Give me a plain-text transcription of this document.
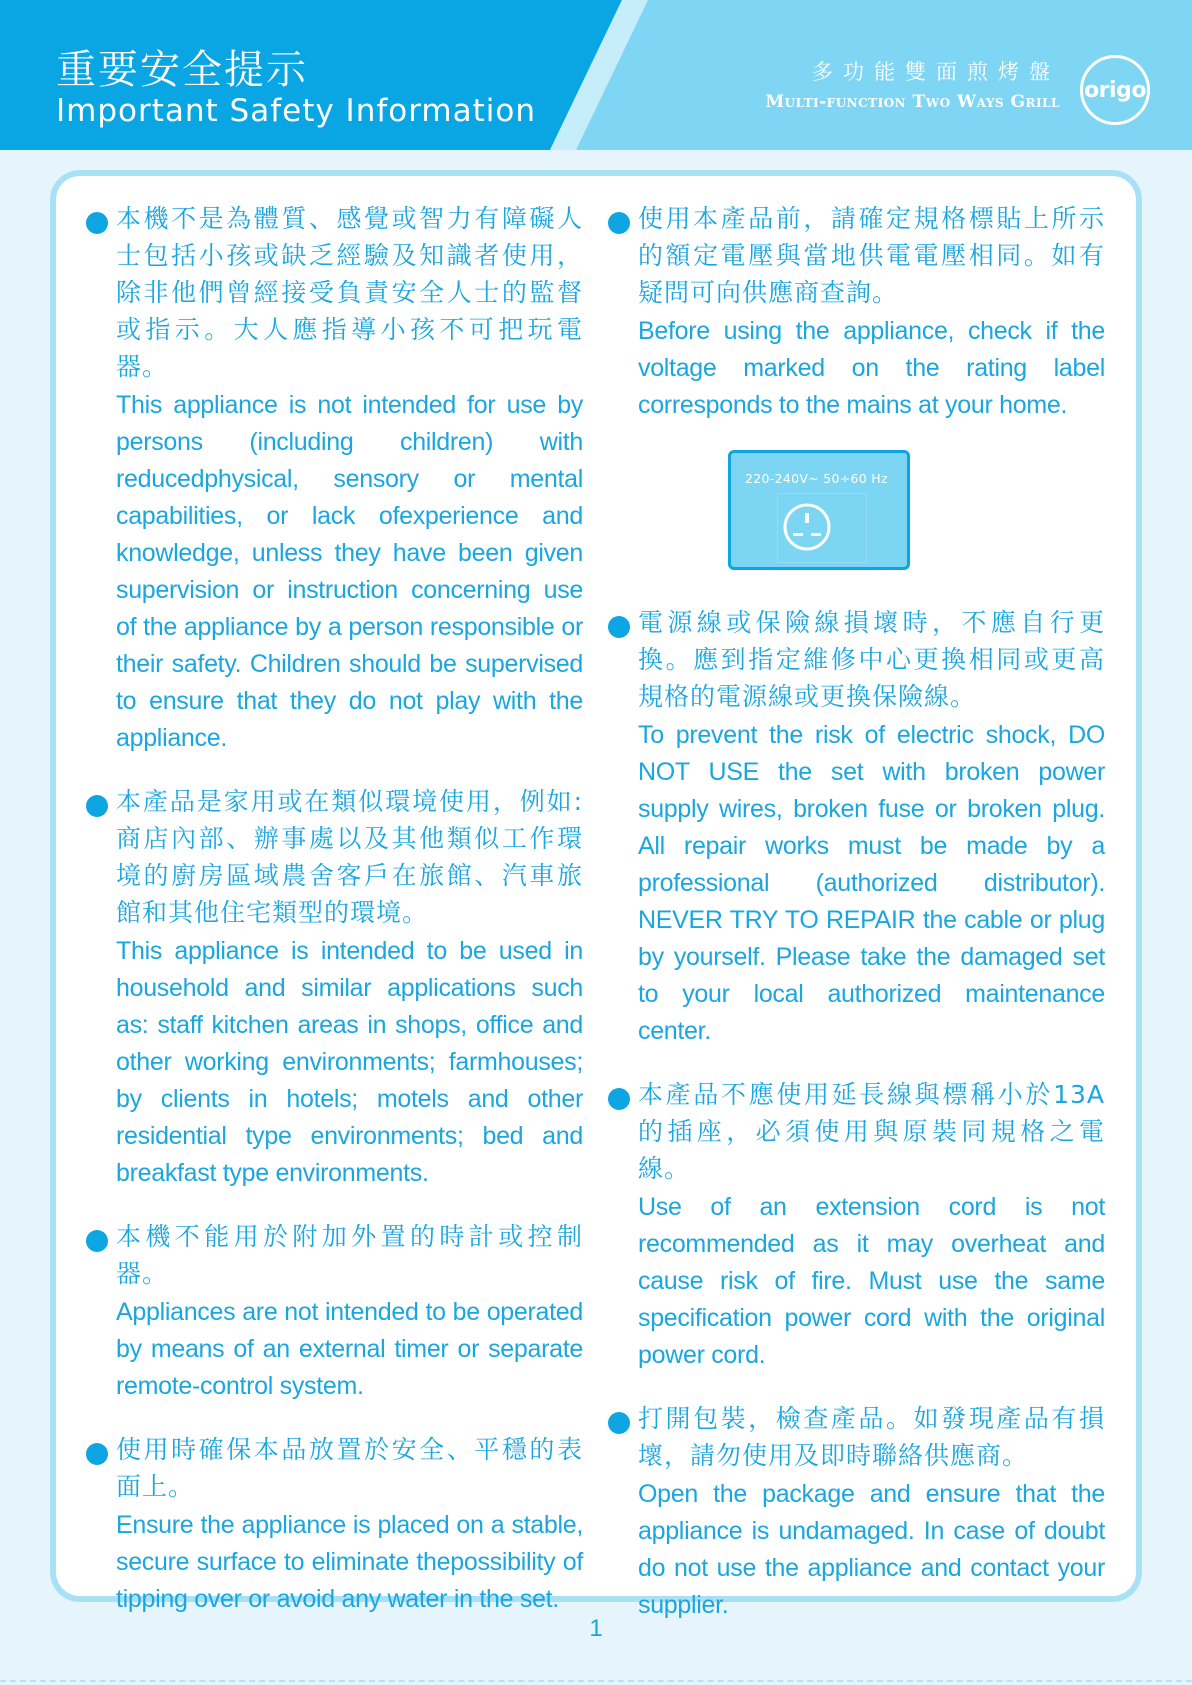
重要安全提示
Important Safety Information
多功能雙面煎烤盤
Multi-function Two Ways Grill origo
本機不是為體質、感覺或智力有障礙人士包括小孩或缺乏經驗及知識者使用，除非他們曾經接受負責安全人士的監督或指示。大人應指導小孩不可把玩電器。
This appliance is not intended for use by persons (including children) with reducedphysical, sensory or mental capabilities, or lack ofexperience and knowledge, unless they have been given supervision or instruction concerning use of the appliance by a person responsible or their safety. Children should be supervised to ensure that they do not play with the appliance.
本產品是家用或在類似環境使用，例如:商店內部、辦事處以及其他類似工作環境的廚房區域農舍客戶在旅館、汽車旅館和其他住宅類型的環境。
This appliance is intended to be used in household and similar applications such as: staff kitchen areas in shops, office and other working environments; farmhouses; by clients in hotels; motels and other residential type environments; bed and breakfast type environments.
本機不能用於附加外置的時計或控制器。
Appliances are not intended to be operated by means of an external timer or separate remote-control system.
使用時確保本品放置於安全、平穩的表面上。
Ensure the appliance is placed on a stable, secure surface to eliminate thepossibility of tipping over or avoid any water in the set.
使用本產品前，請確定規格標貼上所示的額定電壓與當地供電電壓相同。如有疑問可向供應商查詢。
Before using the appliance, check if the voltage marked on the rating label corresponds to the mains at your home.
220-240V~ 50÷60 Hz
電源線或保險線損壞時，不應自行更換。應到指定維修中心更換相同或更高規格的電源線或更換保險線。
To prevent the risk of electric shock, DO NOT USE the set with broken power supply wires, broken fuse or broken plug. All repair works must be made by a professional (authorized distributor). NEVER TRY TO REPAIR the cable or plug by yourself. Please take the damaged set to your local authorized maintenance center.
本產品不應使用延長線與標稱小於13A的插座，必須使用與原裝同規格之電線。
Use of an extension cord is not recommended as it may overheat and cause risk of fire. Must use the same specification power cord with the original power cord.
打開包裝，檢查產品。如發現產品有損壞，請勿使用及即時聯絡供應商。
Open the package and ensure that the appliance is undamaged. In case of doubt do not use the appliance and contact your supplier.
1
